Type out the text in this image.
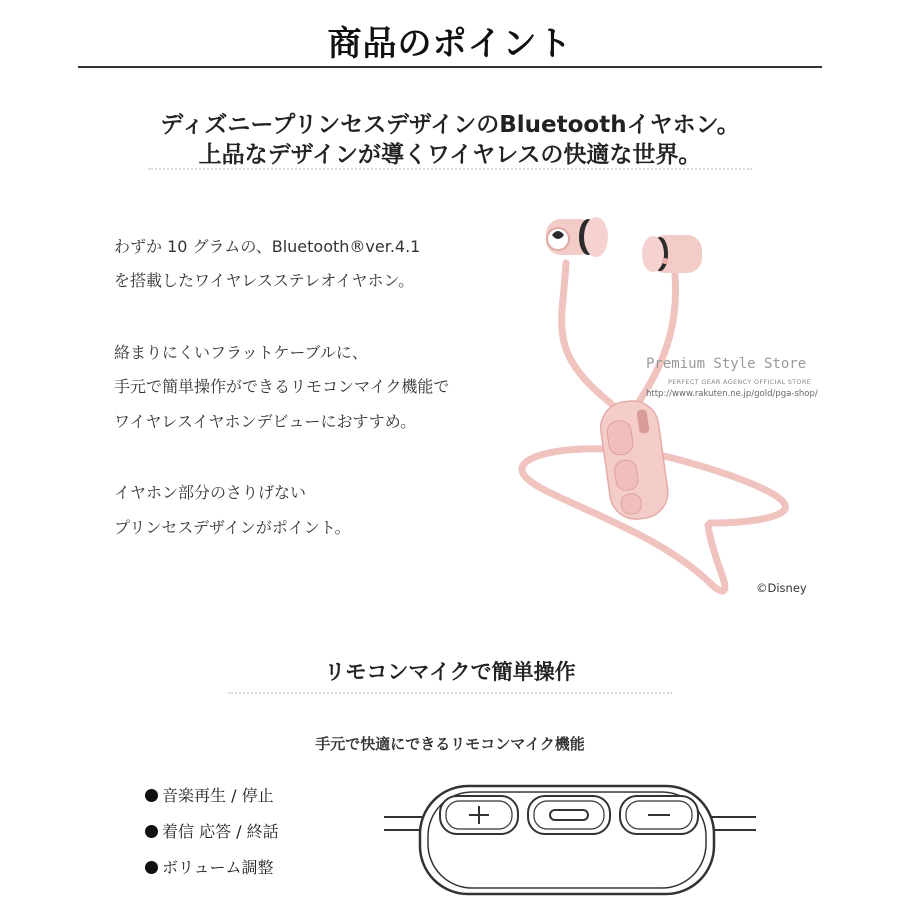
商品のポイント
ディズニープリンセスデザインのBluetoothイヤホン。
上品なデザインが導くワイヤレスの快適な世界。
わずか 10 グラムの、Bluetooth®ver.4.1
を搭載したワイヤレスステレオイヤホン。
絡まりにくいフラットケーブルに、
手元で簡単操作ができるリモコンマイク機能で
ワイヤレスイヤホンデビューにおすすめ。
イヤホン部分のさりげない
プリンセスデザインがポイント。
Premium Style Store
PERFECT GEAR AGENCY OFFICIAL STORE
http://www.rakuten.ne.jp/gold/pga-shop/
©Disney
リモコンマイクで簡単操作
手元で快適にできるリモコンマイク機能
音楽再生 / 停止
着信 応答 / 終話
ボリューム調整
